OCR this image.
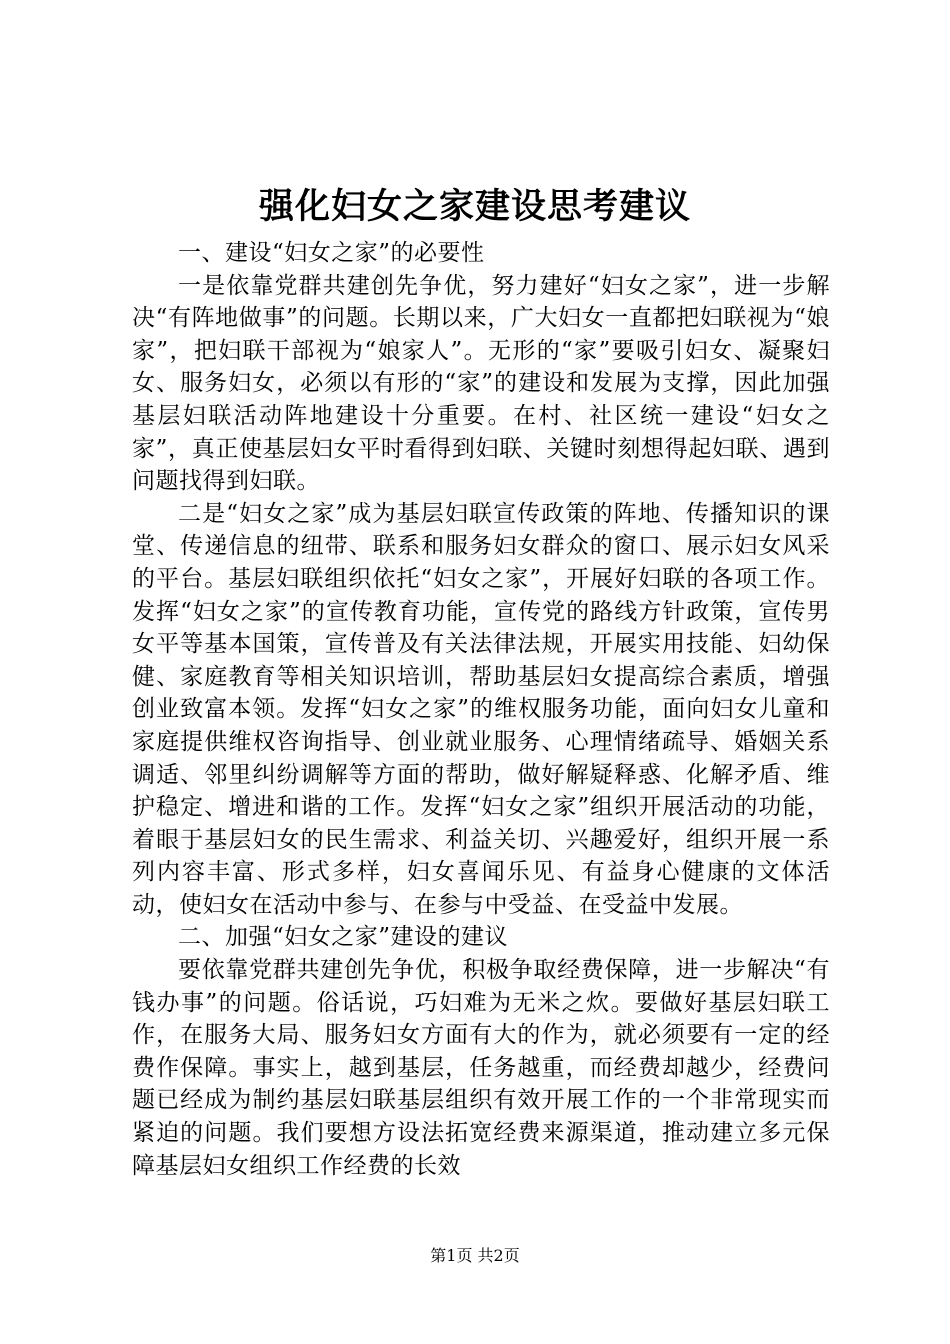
强化妇女之家建设思考建议

一、建设“妇女之家”的必要性

一是依靠党群共建创先争优，努力建好“妇女之家”，进一步解决“有阵地做事”的问题。长期以来，广大妇女一直都把妇联视为“娘家”，把妇联干部视为“娘家人”。无形的“家”要吸引妇女、凝聚妇女、服务妇女，必须以有形的“家”的建设和发展为支撑，因此加强基层妇联活动阵地建设十分重要。在村、社区统一建设“妇女之家”，真正使基层妇女平时看得到妇联、关键时刻想得起妇联、遇到问题找得到妇联。

二是“妇女之家”成为基层妇联宣传政策的阵地、传播知识的课堂、传递信息的纽带、联系和服务妇女群众的窗口、展示妇女风采的平台。基层妇联组织依托“妇女之家”，开展好妇联的各项工作。发挥“妇女之家”的宣传教育功能，宣传党的路线方针政策，宣传男女平等基本国策，宣传普及有关法律法规，开展实用技能、妇幼保健、家庭教育等相关知识培训，帮助基层妇女提高综合素质，增强创业致富本领。发挥“妇女之家”的维权服务功能，面向妇女儿童和家庭提供维权咨询指导、创业就业服务、心理情绪疏导、婚姻关系调适、邻里纠纷调解等方面的帮助，做好解疑释惑、化解矛盾、维护稳定、增进和谐的工作。发挥“妇女之家”组织开展活动的功能，着眼于基层妇女的民生需求、利益关切、兴趣爱好，组织开展一系列内容丰富、形式多样，妇女喜闻乐见、有益身心健康的文体活动，使妇女在活动中参与、在参与中受益、在受益中发展。

二、加强“妇女之家”建设的建议

要依靠党群共建创先争优，积极争取经费保障，进一步解决“有钱办事”的问题。俗话说，巧妇难为无米之炊。要做好基层妇联工作，在服务大局、服务妇女方面有大的作为，就必须要有一定的经费作保障。事实上，越到基层，任务越重，而经费却越少，经费问题已经成为制约基层妇联基层组织有效开展工作的一个非常现实而紧迫的问题。我们要想方设法拓宽经费来源渠道，推动建立多元保障基层妇女组织工作经费的长效

第1页 共2页
